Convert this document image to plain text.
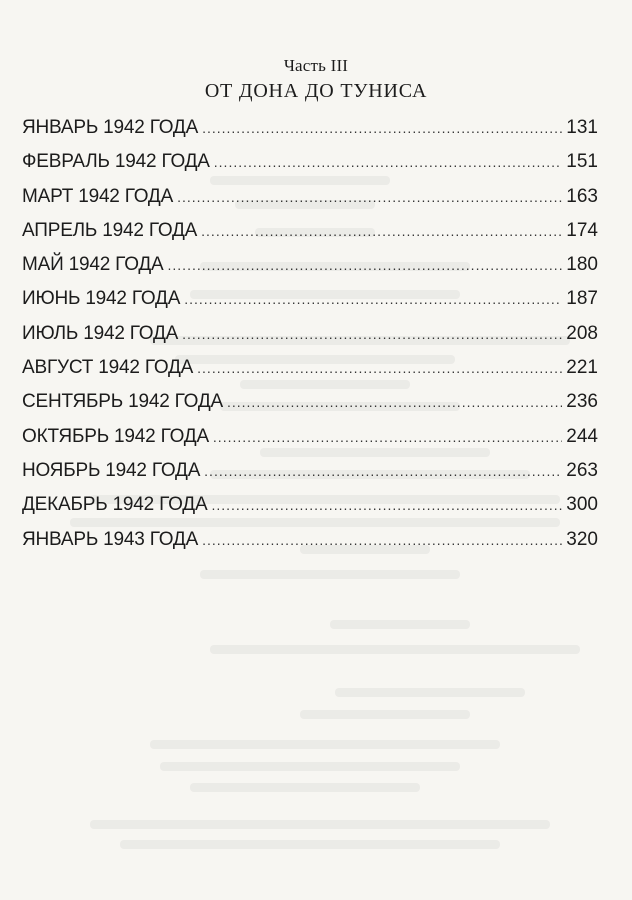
Часть III
ОТ ДОНА ДО ТУНИСА
ЯНВАРЬ 1942 ГОДА .....	131
ФЕВРАЛЬ 1942 ГОДА .....	151
МАРТ 1942 ГОДА .....	163
АПРЕЛЬ 1942 ГОДА .....	174
МАЙ 1942 ГОДА .....	180
ИЮНЬ 1942 ГОДА .....	187
ИЮЛЬ 1942 ГОДА .....	208
АВГУСТ 1942 ГОДА .....	221
СЕНТЯБРЬ 1942 ГОДА .....	236
ОКТЯБРЬ 1942 ГОДА .....	244
НОЯБРЬ 1942 ГОДА .....	263
ДЕКАБРЬ 1942 ГОДА .....	300
ЯНВАРЬ 1943 ГОДА .....	320
